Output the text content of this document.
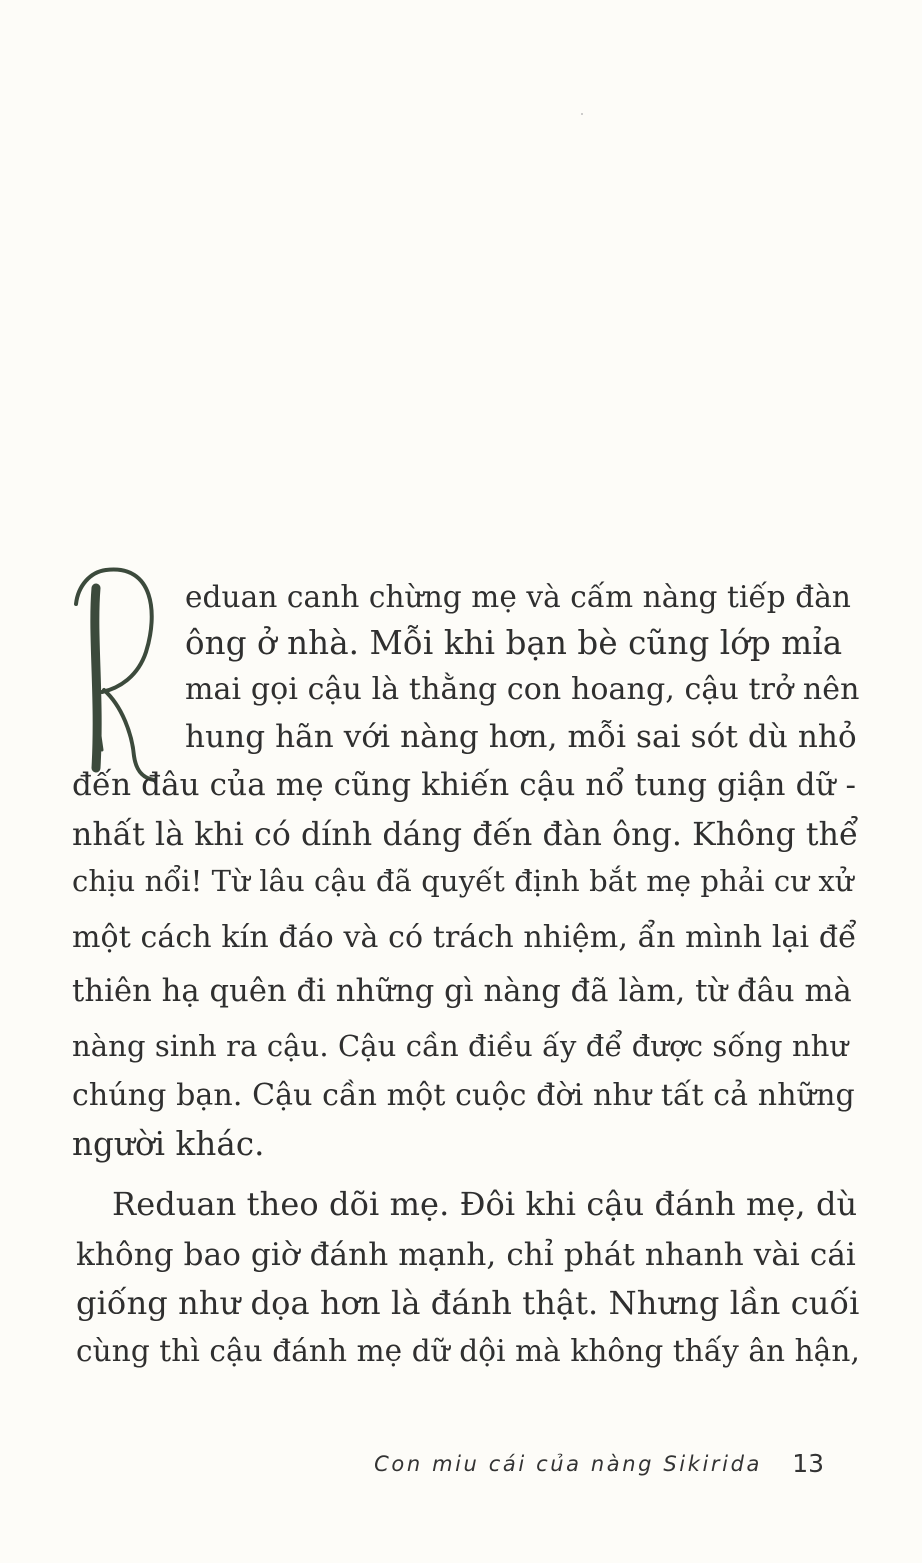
eduan canh chừng mẹ và cấm nàng tiếp đàn
ông ở nhà. Mỗi khi bạn bè cũng lớp mỉa
mai gọi cậu là thằng con hoang, cậu trở nên
hung hãn với nàng hơn, mỗi sai sót dù nhỏ
đến đâu của mẹ cũng khiến cậu nổ tung giận dữ -
nhất là khi có dính dáng đến đàn ông. Không thể
chịu nổi! Từ lâu cậu đã quyết định bắt mẹ phải cư xử
một cách kín đáo và có trách nhiệm, ẩn mình lại để
thiên hạ quên đi những gì nàng đã làm, từ đâu mà
nàng sinh ra cậu. Cậu cần điều ấy để được sống như
chúng bạn. Cậu cần một cuộc đời như tất cả những
người khác.
Reduan theo dõi mẹ. Đôi khi cậu đánh mẹ, dù
không bao giờ đánh mạnh, chỉ phát nhanh vài cái
giống như dọa hơn là đánh thật. Nhưng lần cuối
cùng thì cậu đánh mẹ dữ dội mà không thấy ân hận,
Con miu cái của nàng Sikirida 13
